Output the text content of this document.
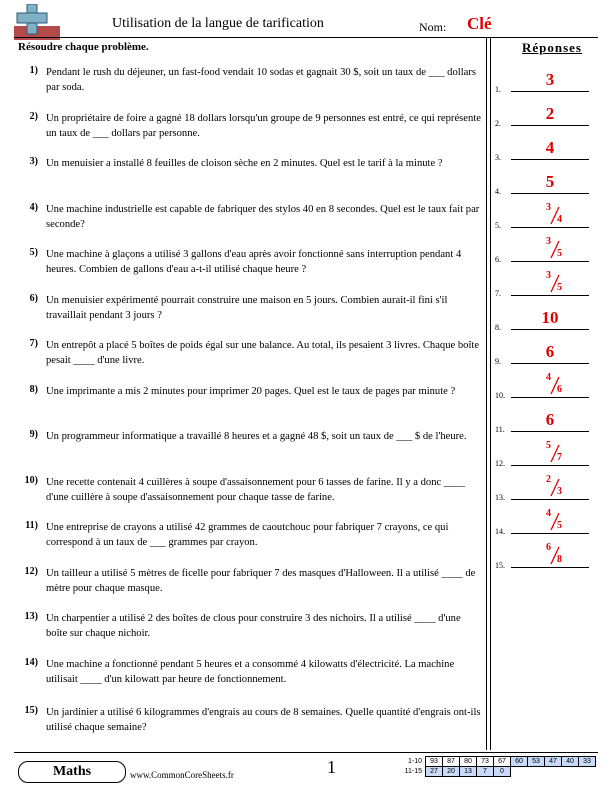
Utilisation de la langue de tarification	Nom: Clé
Résoudre chaque problème.	Réponses
1) Pendant le rush du déjeuner, un fast-food vendait 10 sodas et gagnait 30 $, soit un taux de ___ dollars par soda.
2) Un propriétaire de foire a gagné 18 dollars lorsqu'un groupe de 9 personnes est entré, ce qui représente un taux de ___ dollars par personne.
3) Un menuisier a installé 8 feuilles de cloison sèche en 2 minutes. Quel est le tarif à la minute ?
4) Une machine industrielle est capable de fabriquer des stylos 40 en 8 secondes. Quel est le taux fait par seconde?
5) Une machine à glaçons a utilisé 3 gallons d'eau après avoir fonctionné sans interruption pendant 4 heures. Combien de gallons d'eau a-t-il utilisé chaque heure ?
6) Un menuisier expérimenté pourrait construire une maison en 5 jours. Combien aurait-il fini s'il travaillait pendant 3 jours ?
7) Un entrepôt a placé 5 boîtes de poids égal sur une balance. Au total, ils pesaient 3 livres. Chaque boîte pesait ____ d'une livre.
8) Une imprimante a mis 2 minutes pour imprimer 20 pages. Quel est le taux de pages par minute ?
9) Un programmeur informatique a travaillé 8 heures et a gagné 48 $, soit un taux de ___ $ de l'heure.
10) Une recette contenait 4 cuillères à soupe d'assaisonnement pour 6 tasses de farine. Il y a donc ____ d'une cuillère à soupe d'assaisonnement pour chaque tasse de farine.
11) Une entreprise de crayons a utilisé 42 grammes de caoutchouc pour fabriquer 7 crayons, ce qui correspond à un taux de ___ grammes par crayon.
12) Un tailleur a utilisé 5 mètres de ficelle pour fabriquer 7 des masques d'Halloween. Il a utilisé ____ de mètre pour chaque masque.
13) Un charpentier a utilisé 2 des boîtes de clous pour construire 3 des nichoirs. Il a utilisé ____ d'une boîte sur chaque nichoir.
14) Une machine a fonctionné pendant 5 heures et a consommé 4 kilowatts d'électricité. La machine utilisait ____ d'un kilowatt par heure de fonctionnement.
15) Un jardinier a utilisé 6 kilogrammes d'engrais au cours de 8 semaines. Quelle quantité d'engrais ont-ils utilisé chaque semaine?
1.
3
2.
2
3.
4
4.
5
5.
3
4
6.
3
5
7.
3
5
8.
10
9.
6
10.
4
6
11.
6
12.
5
7
13.
2
3
14.
4
5
15.
6
8
Maths	www.CommonCoreSheets.fr	1	1-10	93	87	80	73	67	60	53	47	40	33
11-15	27	20	13	7	0					
